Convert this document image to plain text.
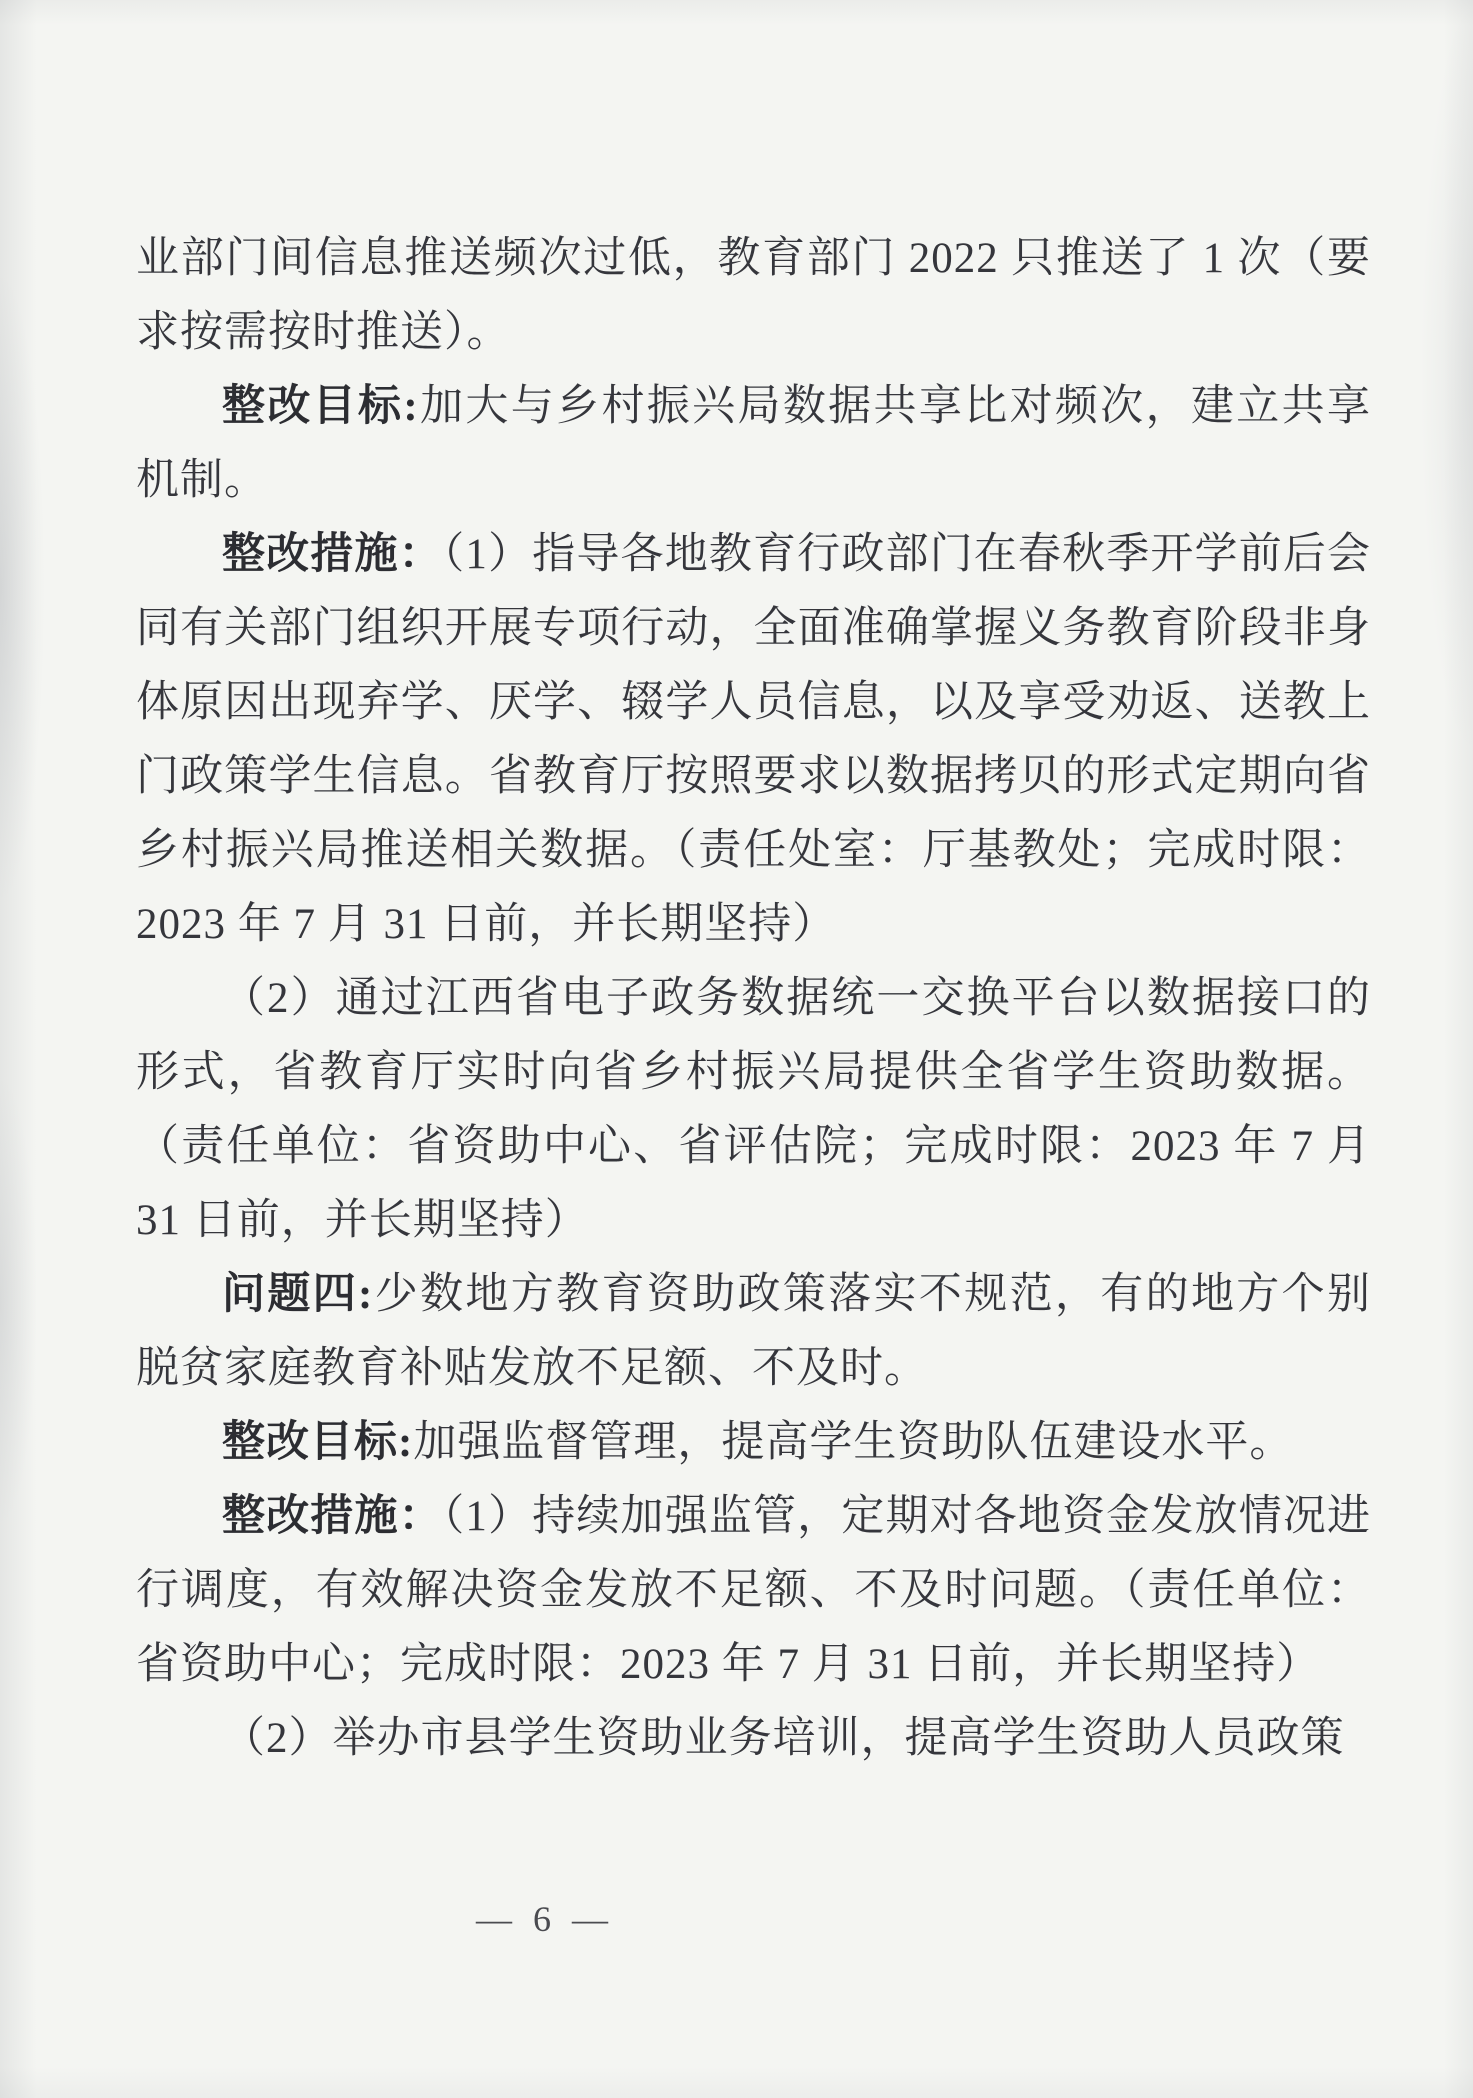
业部门间信息推送频次过低，教育部门 2022 只推送了 1 次（要求按需按时推送）。

整改目标:加大与乡村振兴局数据共享比对频次，建立共享机制。

整改措施：（1）指导各地教育行政部门在春秋季开学前后会同有关部门组织开展专项行动，全面准确掌握义务教育阶段非身体原因出现弃学、厌学、辍学人员信息，以及享受劝返、送教上门政策学生信息。省教育厅按照要求以数据拷贝的形式定期向省乡村振兴局推送相关数据。（责任处室：厅基教处；完成时限：2023 年 7 月 31 日前，并长期坚持）

（2）通过江西省电子政务数据统一交换平台以数据接口的形式，省教育厅实时向省乡村振兴局提供全省学生资助数据。（责任单位：省资助中心、省评估院；完成时限：2023 年 7 月 31 日前，并长期坚持）

问题四:少数地方教育资助政策落实不规范，有的地方个别脱贫家庭教育补贴发放不足额、不及时。

整改目标:加强监督管理，提高学生资助队伍建设水平。

整改措施：（1）持续加强监管，定期对各地资金发放情况进行调度，有效解决资金发放不足额、不及时问题。（责任单位：省资助中心；完成时限：2023 年 7 月 31 日前，并长期坚持）

（2）举办市县学生资助业务培训，提高学生资助人员政策

— 6 —
